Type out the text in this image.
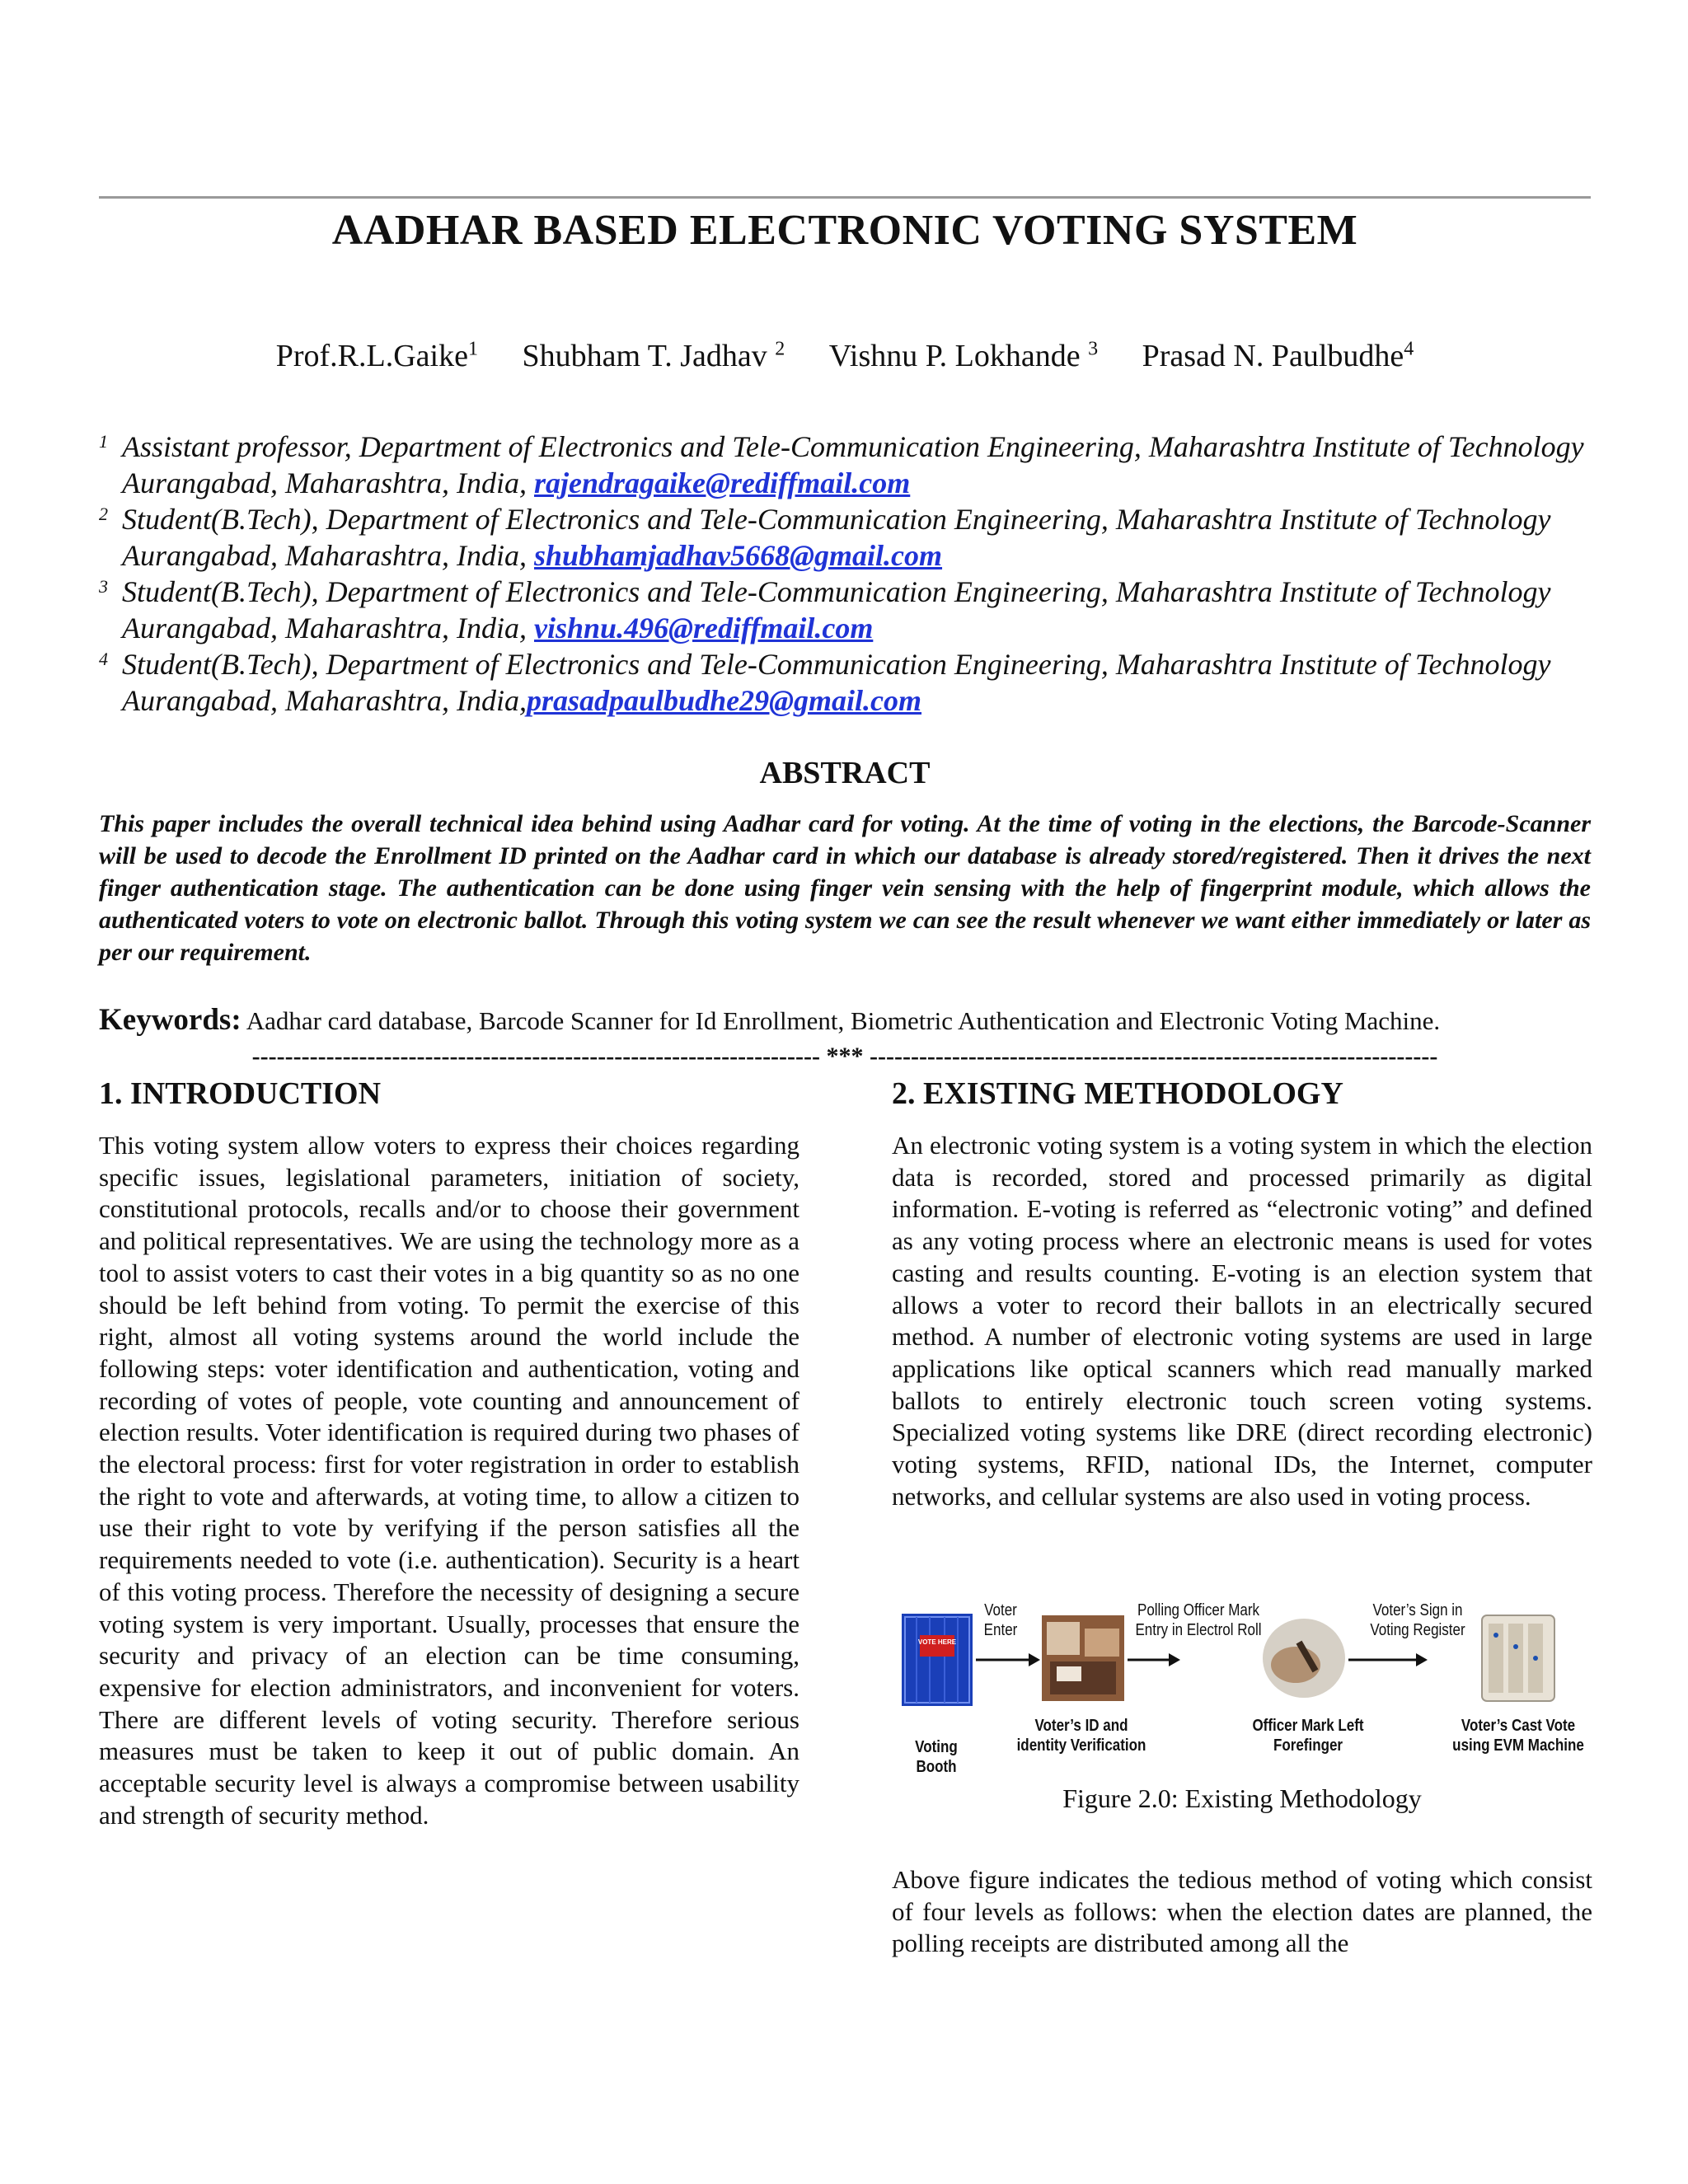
AADHAR BASED ELECTRONIC VOTING SYSTEM
Prof.R.L.Gaike$^1$ Shubham T. Jadhav $^2$ Vishnu P. Lokhande $^3$ Prasad N. Paulbudhe$^4$
1 Assistant professor, Department of Electronics and Tele-Communication Engineering, Maharashtra Institute of Technology Aurangabad, Maharashtra, India, rajendragaike@rediffmail.com
2 Student(B.Tech), Department of Electronics and Tele-Communication Engineering, Maharashtra Institute of Technology Aurangabad, Maharashtra, India, shubhamjadhav5668@gmail.com
3 Student(B.Tech), Department of Electronics and Tele-Communication Engineering, Maharashtra Institute of Technology Aurangabad, Maharashtra, India, vishnu.496@rediffmail.com
4 Student(B.Tech), Department of Electronics and Tele-Communication Engineering, Maharashtra Institute of Technology Aurangabad, Maharashtra, India,prasadpaulbudhe29@gmail.com
ABSTRACT

This paper includes the overall technical idea behind using Aadhar card for voting. At the time of voting in the elections, the Barcode-Scanner will be used to decode the Enrollment ID printed on the Aadhar card in which our database is already stored/registered. Then it drives the next finger authentication stage. The authentication can be done using finger vein sensing with the help of fingerprint module, which allows the authenticated voters to vote on electronic ballot. Through this voting system we can see the result whenever we want either immediately or later as per our requirement.

Keywords: Aadhar card database, Barcode Scanner for Id Enrollment, Biometric Authentication and Electronic Voting Machine.
--------------------------------------------------------------------- *** ---------------------------------------------------------------------
1. INTRODUCTION

This voting system allow voters to express their choices regarding specific issues, legislational parameters, initiation of society, constitutional protocols, recalls and/or to choose their government and political representatives. We are using the technology more as a tool to assist voters to cast their votes in a big quantity so as no one should be left behind from voting. To permit the exercise of this right, almost all voting systems around the world include the following steps: voter identification and authentication, voting and recording of votes of people, vote counting and announcement of election results. Voter identification is required during two phases of the electoral process: first for voter registration in order to establish the right to vote and afterwards, at voting time, to allow a citizen to use their right to vote by verifying if the person satisfies all the requirements needed to vote (i.e. authentication). Security is a heart of this voting process. Therefore the necessity of designing a secure voting system is very important. Usually, processes that ensure the security and privacy of an election can be time consuming, expensive for election administrators, and inconvenient for voters. There are different levels of voting security. Therefore serious measures must be taken to keep it out of public domain. An acceptable security level is always a compromise between usability and strength of security method.

2. EXISTING METHODOLOGY

An electronic voting system is a voting system in which the election data is recorded, stored and processed primarily as digital information. E-voting is referred as “electronic voting” and defined as any voting process where an electronic means is used for votes casting and results counting. E-voting is an election system that allows a voter to record their ballots in an electrically secured method. A number of electronic voting systems are used in large applications like optical scanners which read manually marked ballots to entirely electronic touch screen voting systems. Specialized voting systems like DRE (direct recording electronic) voting systems, RFID, national IDs, the Internet, computer networks, and cellular systems are also used in voting process.

VOTE HERE
Voter Enter
Polling Officer Mark Entry in Electrol Roll
Voter’s Sign in Voting Register
Voting Booth
Voter’s ID and identity Verification
Officer Mark Left Forefinger
Voter’s Cast Vote using EVM Machine
Figure 2.0: Existing Methodology

Above figure indicates the tedious method of voting which consist of four levels as follows: when the election dates are planned, the polling receipts are distributed among all the
